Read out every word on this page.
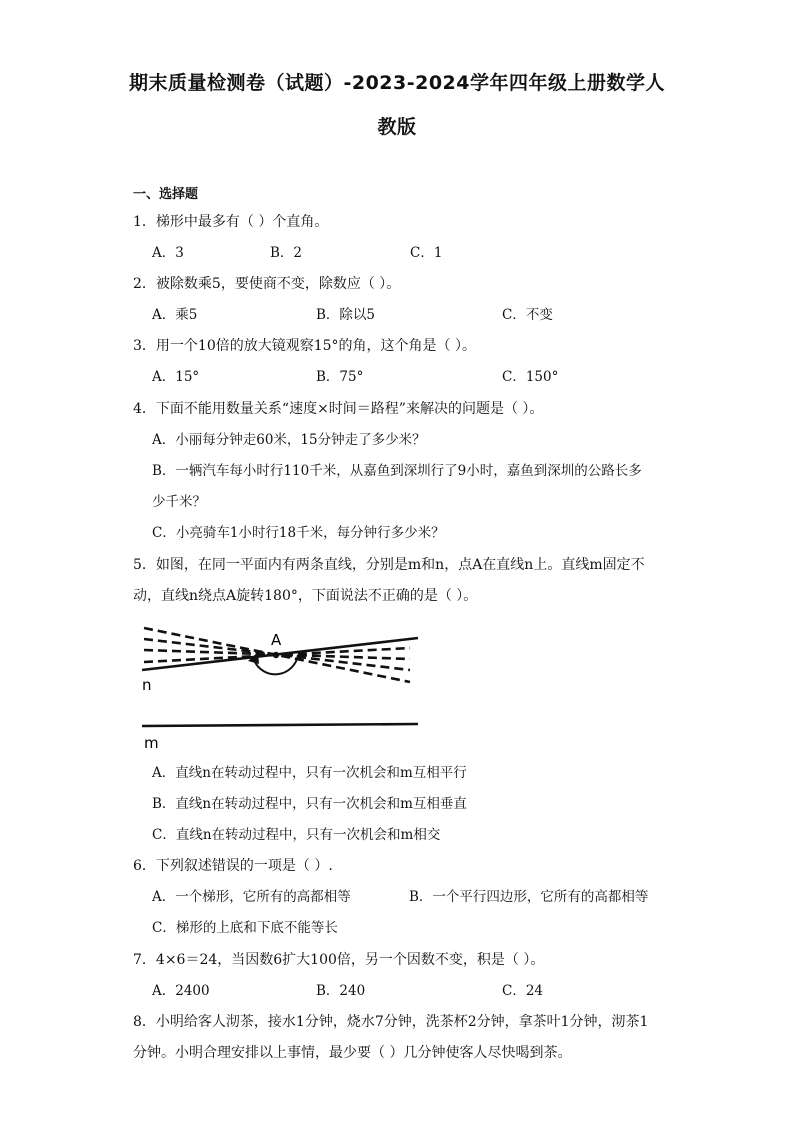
期末质量检测卷（试题）-2023-2024学年四年级上册数学人
教版
一、选择题
1．梯形中最多有（ ）个直角。
A．3	B．2	C．1
2．被除数乘5，要使商不变，除数应（ ）。
A．乘5	B．除以5	C．不变
3．用一个10倍的放大镜观察15°的角，这个角是（ ）。
A．15°	B．75°	C．150°
4．下面不能用数量关系“速度×时间＝路程”来解决的问题是（ ）。
A．小丽每分钟走60米，15分钟走了多少米？
B．一辆汽车每小时行110千米，从嘉鱼到深圳行了9小时，嘉鱼到深圳的公路长多
少千米？
C．小亮骑车1小时行18千米，每分钟行多少米？
5．如图，在同一平面内有两条直线，分别是m和n，点A在直线n上。直线m固定不
动，直线n绕点A旋转180°，下面说法不正确的是（ ）。
A
n
m
A．直线n在转动过程中，只有一次机会和m互相平行
B．直线n在转动过程中，只有一次机会和m互相垂直
C．直线n在转动过程中，只有一次机会和m相交
6．下列叙述错误的一项是（ ）.
A．一个梯形，它所有的高都相等	B．一个平行四边形，它所有的高都相等
C．梯形的上底和下底不能等长
7．4×6＝24，当因数6扩大100倍，另一个因数不变，积是（ ）。
A．2400	B．240	C．24
8．小明给客人沏茶，接水1分钟，烧水7分钟，洗茶杯2分钟，拿茶叶1分钟，沏茶1
分钟。小明合理安排以上事情，最少要（ ）几分钟使客人尽快喝到茶。
